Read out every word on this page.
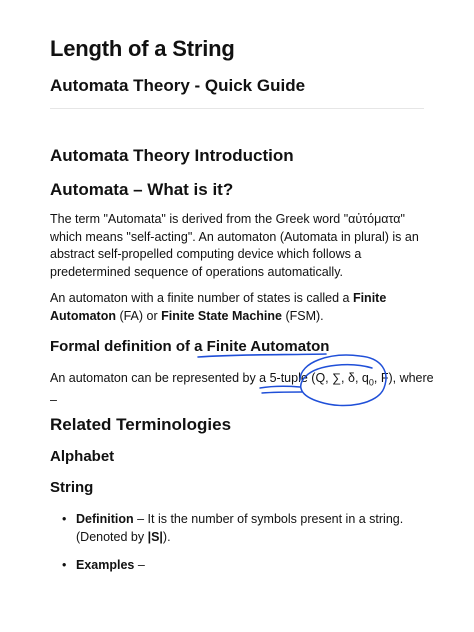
Length of a String
Automata Theory - Quick Guide
Automata Theory Introduction
Automata – What is it?
The term "Automata" is derived from the Greek word "αὐτόματα" which means "self-acting". An automaton (Automata in plural) is an abstract self-propelled computing device which follows a predetermined sequence of operations automatically.
An automaton with a finite number of states is called a Finite Automaton (FA) or Finite State Machine (FSM).
Formal definition of a Finite Automaton
An automaton can be represented by a 5-tuple (Q, ∑, δ, $q_0$, F), where –
Related Terminologies
Alphabet
String
• Definition – It is the number of symbols present in a string. (Denoted by |S|).
• Examples –
